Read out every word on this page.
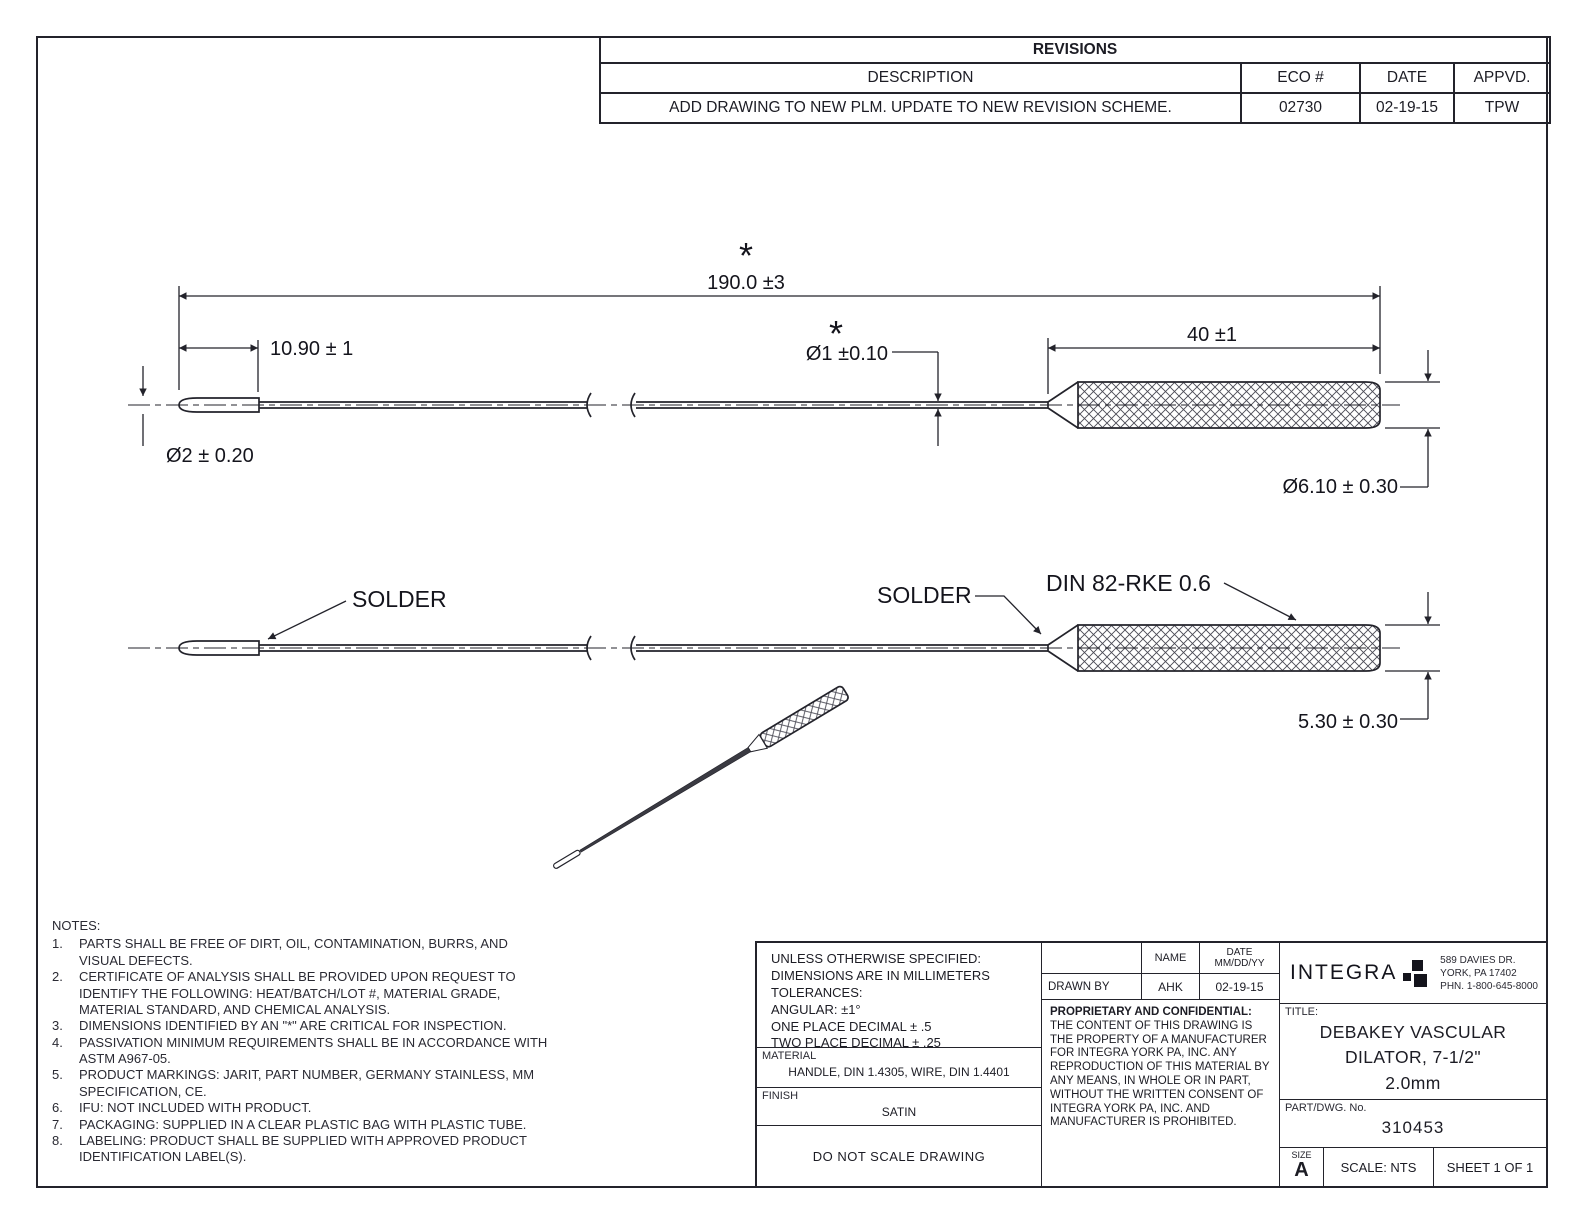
*
190.0 ±3
10.90 ± 1	*
Ø1 ±0.10
40 ±1
Ø2 ± 0.20
Ø6.10 ± 0.30
SOLDER	SOLDER	DIN 82-RKE 0.6
5.30 ± 0.30
REVISIONS			
DESCRIPTION	ECO #	DATE	APPVD.
ADD DRAWING TO NEW PLM. UPDATE TO NEW REVISION SCHEME.	02730	02-19-15	TPW
NOTES:
1.	PARTS SHALL BE FREE OF DIRT, OIL, CONTAMINATION, BURRS, AND VISUAL DEFECTS.
2.	CERTIFICATE OF ANALYSIS SHALL BE PROVIDED UPON REQUEST TO IDENTIFY THE FOLLOWING: HEAT/BATCH/LOT #, MATERIAL GRADE, MATERIAL STANDARD, AND CHEMICAL ANALYSIS.
3.	DIMENSIONS IDENTIFIED BY AN "*" ARE CRITICAL FOR INSPECTION.
4.	PASSIVATION MINIMUM REQUIREMENTS SHALL BE IN ACCORDANCE WITH ASTM A967-05.
5.	PRODUCT MARKINGS: JARIT, PART NUMBER, GERMANY STAINLESS, MM SPECIFICATION, CE.
6.	IFU: NOT INCLUDED WITH PRODUCT.
7.	PACKAGING: SUPPLIED IN A CLEAR PLASTIC BAG WITH PLASTIC TUBE.
8.	LABELING: PRODUCT SHALL BE SUPPLIED WITH APPROVED PRODUCT IDENTIFICATION LABEL(S).
UNLESS OTHERWISE SPECIFIED:
DIMENSIONS ARE IN MILLIMETERS
TOLERANCES:
ANGULAR: ±1°
ONE PLACE DECIMAL ± .5
TWO PLACE DECIMAL ± .25
MATERIAL
HANDLE, DIN 1.4305, WIRE, DIN 1.4401
FINISH
SATIN
DO NOT SCALE DRAWING
NAME	DATE
MM/DD/YY
DRAWN BY	AHK	02-19-15
PROPRIETARY AND CONFIDENTIAL: THE CONTENT OF THIS DRAWING IS THE PROPERTY OF A MANUFACTURER FOR INTEGRA YORK PA, INC. ANY REPRODUCTION OF THIS MATERIAL BY ANY MEANS, IN WHOLE OR IN PART, WITHOUT THE WRITTEN CONSENT OF INTEGRA YORK PA, INC. AND MANUFACTURER IS PROHIBITED.
INTEGRA
589 DAVIES DR.
YORK, PA 17402
PHN. 1-800-645-8000
TITLE:
DEBAKEY VASCULAR
DILATOR, 7-1/2"
2.0mm
PART/DWG. No.
310453
SIZE
A	SCALE: NTS SHEET 1 OF 1
